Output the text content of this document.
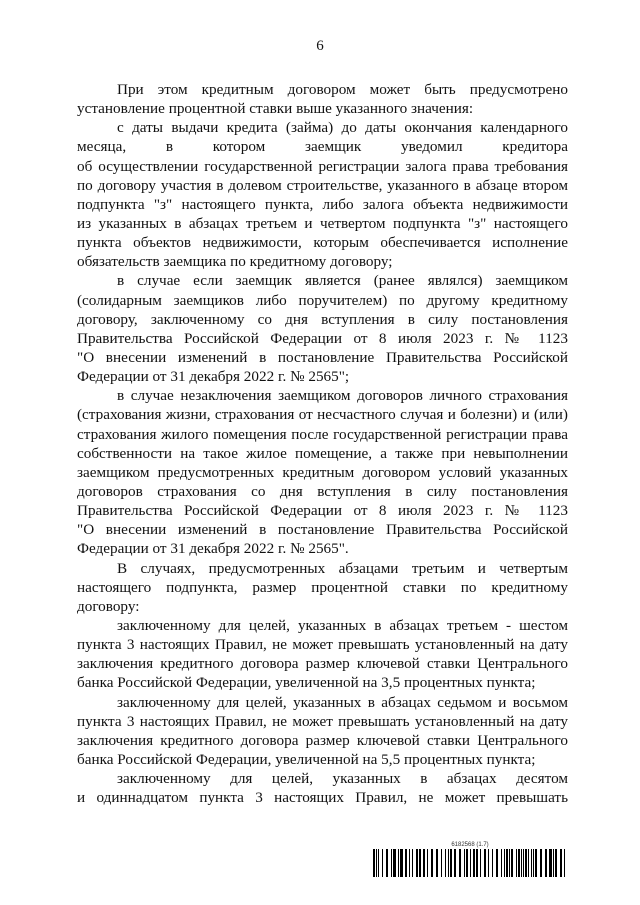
6
При этом кредитным договором может быть предусмотрено
установление процентной ставки выше указанного значения:
с даты выдачи кредита (займа) до даты окончания календарного
месяца, в котором заемщик уведомил кредитора
об осуществлении государственной регистрации залога права требования
по договору участия в долевом строительстве, указанного в абзаце втором
подпункта "з" настоящего пункта, либо залога объекта недвижимости
из указанных в абзацах третьем и четвертом подпункта "з" настоящего
пункта объектов недвижимости, которым обеспечивается исполнение
обязательств заемщика по кредитному договору;
в случае если заемщик является (ранее являлся) заемщиком
(солидарным заемщиков либо поручителем) по другому кредитному
договору, заключенному со дня вступления в силу постановления
Правительства Российской Федерации от 8 июля 2023 г. № 1123
"О внесении изменений в постановление Правительства Российской
Федерации от 31 декабря 2022 г. № 2565";
в случае незаключения заемщиком договоров личного страхования
(страхования жизни, страхования от несчастного случая и болезни) и (или)
страхования жилого помещения после государственной регистрации права
собственности на такое жилое помещение, а также при невыполнении
заемщиком предусмотренных кредитным договором условий указанных
договоров страхования со дня вступления в силу постановления
Правительства Российской Федерации от 8 июля 2023 г. № 1123
"О внесении изменений в постановление Правительства Российской
Федерации от 31 декабря 2022 г. № 2565".
В случаях, предусмотренных абзацами третьим и четвертым
настоящего подпункта, размер процентной ставки по кредитному
договору:
заключенному для целей, указанных в абзацах третьем - шестом
пункта 3 настоящих Правил, не может превышать установленный на дату
заключения кредитного договора размер ключевой ставки Центрального
банка Российской Федерации, увеличенной на 3,5 процентных пункта;
заключенному для целей, указанных в абзацах седьмом и восьмом
пункта 3 настоящих Правил, не может превышать установленный на дату
заключения кредитного договора размер ключевой ставки Центрального
банка Российской Федерации, увеличенной на 5,5 процентных пункта;
заключенному для целей, указанных в абзацах десятом
и одиннадцатом пункта 3 настоящих Правил, не может превышать
6182568 (1.7)
